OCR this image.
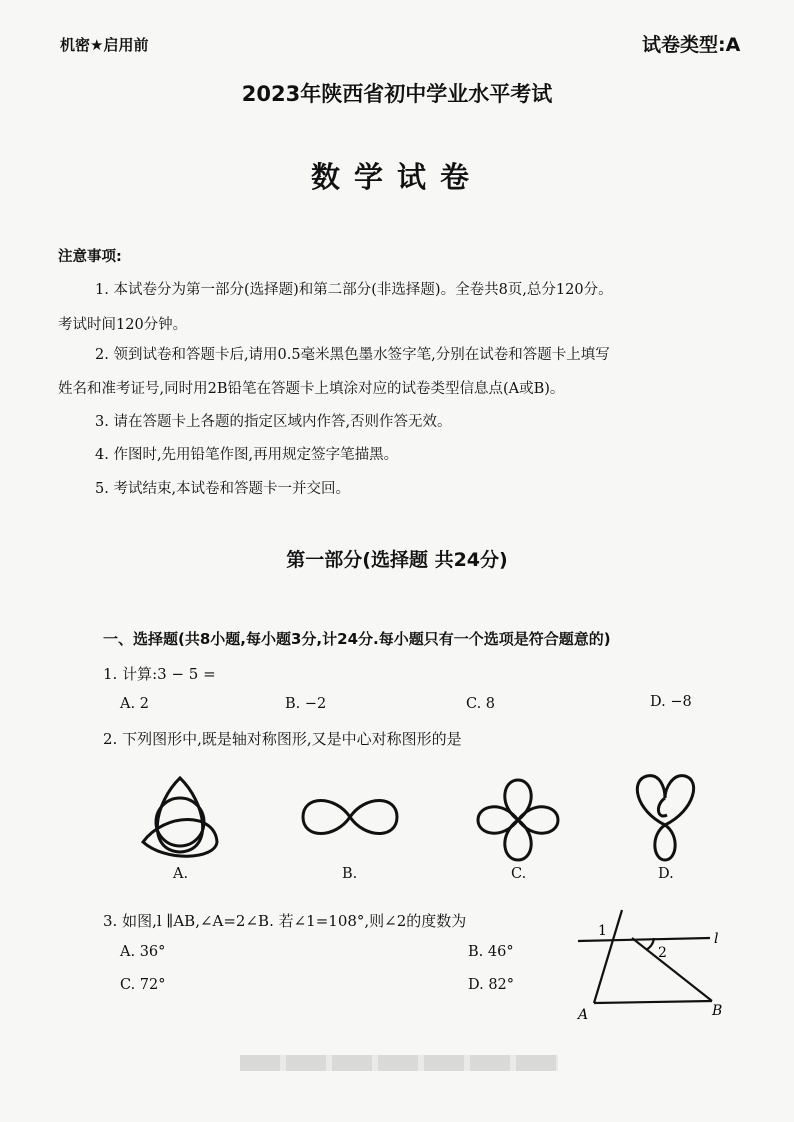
机密★启用前	试卷类型:A
2023年陕西省初中学业水平考试
数学试卷
注意事项:
1. 本试卷分为第一部分(选择题)和第二部分(非选择题)。全卷共8页,总分120分。
考试时间120分钟。
2. 领到试卷和答题卡后,请用0.5毫米黑色墨水签字笔,分别在试卷和答题卡上填写
姓名和准考证号,同时用2B铅笔在答题卡上填涂对应的试卷类型信息点(A或B)。
3. 请在答题卡上各题的指定区域内作答,否则作答无效。
4. 作图时,先用铅笔作图,再用规定签字笔描黑。
5. 考试结束,本试卷和答题卡一并交回。
第一部分(选择题 共24分)
一、选择题(共8小题,每小题3分,计24分.每小题只有一个选项是符合题意的)
1. 计算:3 − 5 =
A. 2	B. −2	C. 8	D. −8
2. 下列图形中,既是轴对称图形,又是中心对称图形的是
A.	B.	C.	D.
3. 如图,l ∥AB,∠A=2∠B. 若∠1=108°,则∠2的度数为
A. 36°	B. 46°
C. 72°	D. 82°
1
2
l
A	B
